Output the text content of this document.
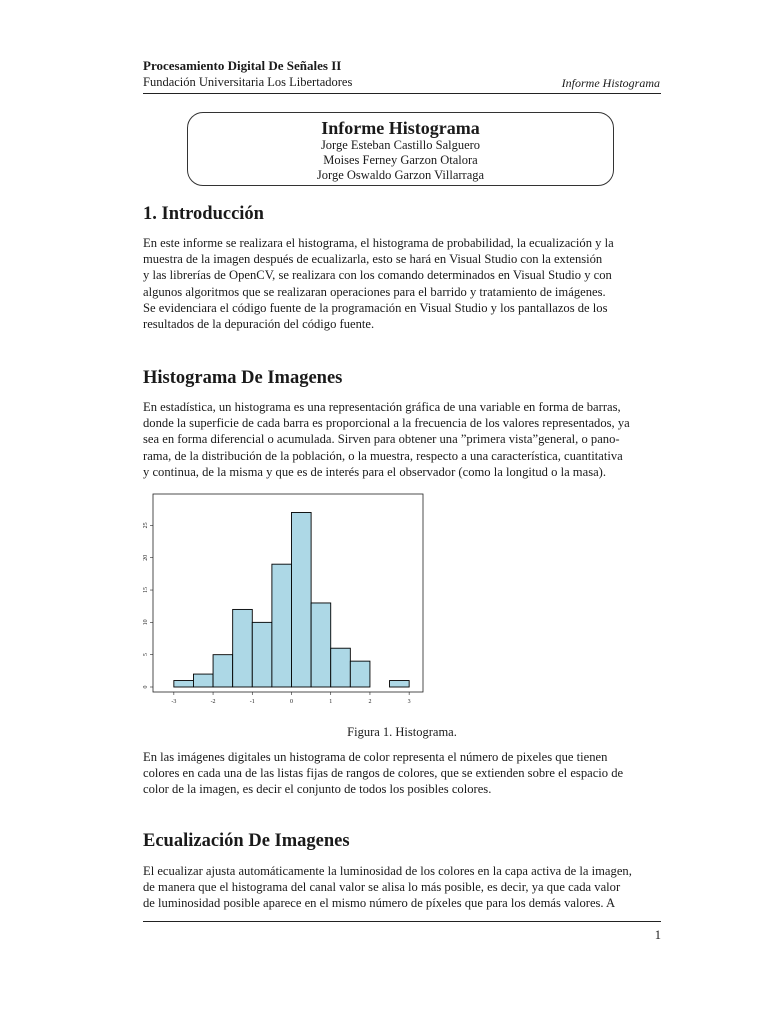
Procesamiento Digital De Señales II
Fundación Universitaria Los Libertadores	Informe Histograma
Informe Histograma
Jorge Esteban Castillo Salguero
Moises Ferney Garzon Otalora
Jorge Oswaldo Garzon Villarraga
1. Introducción
En este informe se realizara el histograma, el histograma de probabilidad, la ecualización y la
muestra de la imagen después de ecualizarla, esto se hará en Visual Studio con la extensión
y las librerías de OpenCV, se realizara con los comando determinados en Visual Studio y con
algunos algoritmos que se realizaran operaciones para el barrido y tratamiento de imágenes.
Se evidenciara el código fuente de la programación en Visual Studio y los pantallazos de los
resultados de la depuración del código fuente.
Histograma De Imagenes
En estadística, un histograma es una representación gráfica de una variable en forma de barras,
donde la superficie de cada barra es proporcional a la frecuencia de los valores representados, ya
sea en forma diferencial o acumulada. Sirven para obtener una ”primera vista”general, o pano-
rama, de la distribución de la población, o la muestra, respecto a una característica, cuantitativa
y continua, de la misma y que es de interés para el observador (como la longitud o la masa).
-3	-2	-1	0	1	2	3
0
5
10
15
20
25
Figura 1. Histograma.
En las imágenes digitales un histograma de color representa el número de pixeles que tienen
colores en cada una de las listas fijas de rangos de colores, que se extienden sobre el espacio de
color de la imagen, es decir el conjunto de todos los posibles colores.
Ecualización De Imagenes
El ecualizar ajusta automáticamente la luminosidad de los colores en la capa activa de la imagen,
de manera que el histograma del canal valor se alisa lo más posible, es decir, ya que cada valor
de luminosidad posible aparece en el mismo número de píxeles que para los demás valores. A
1
